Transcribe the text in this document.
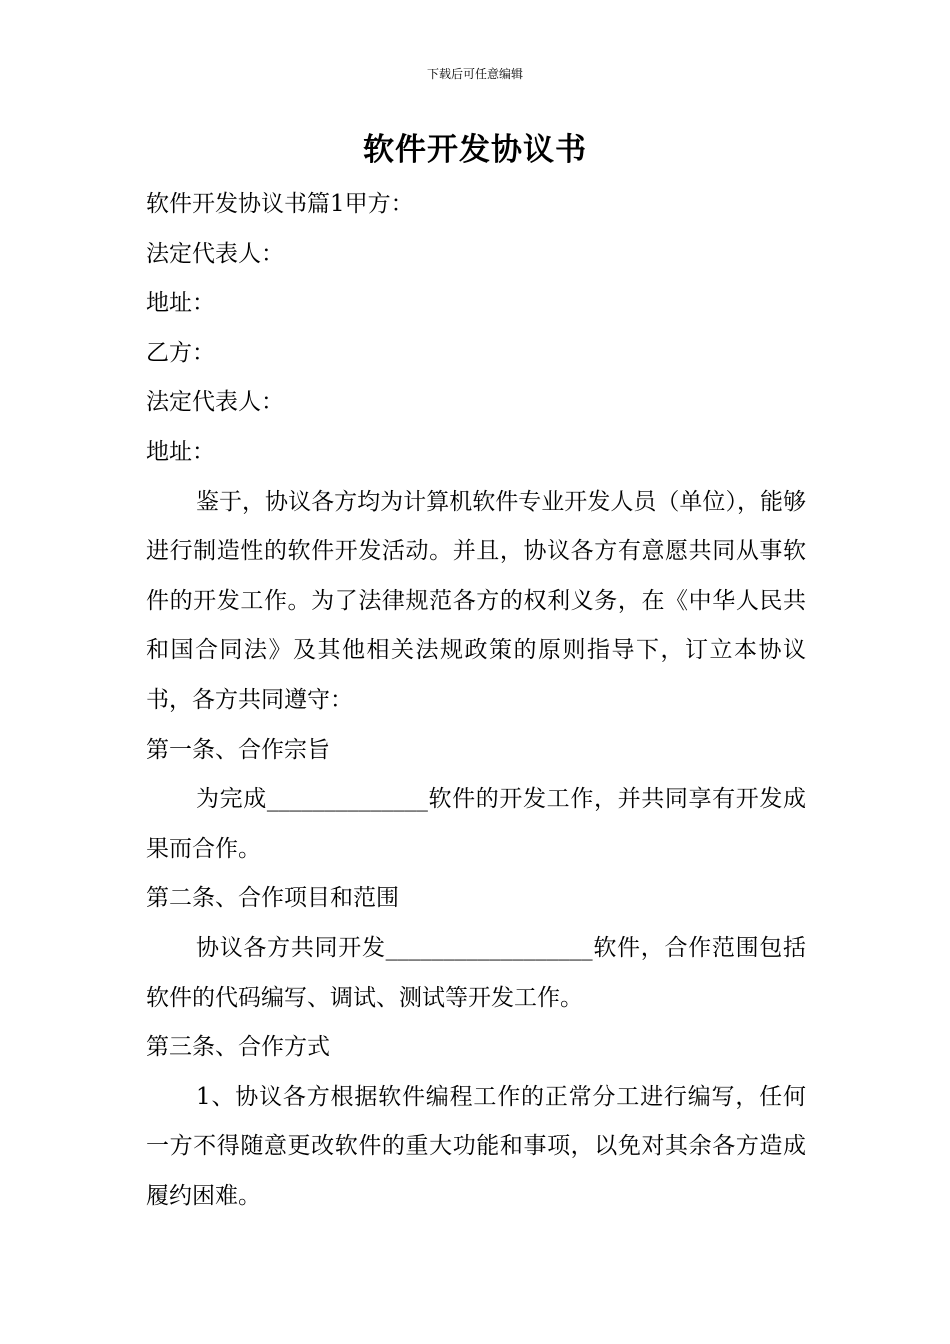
下载后可任意编辑
软件开发协议书

软件开发协议书篇1甲方：

法定代表人：

地址：

乙方：

法定代表人：

地址：

鉴于，协议各方均为计算机软件专业开发人员（单位），能够进行制造性的软件开发活动。并且，协议各方有意愿共同从事软件的开发工作。为了法律规范各方的权利义务，在《中华人民共和国合同法》及其他相关法规政策的原则指导下，订立本协议书，各方共同遵守：

第一条、合作宗旨

为完成______________软件的开发工作，并共同享有开发成果而合作。

第二条、合作项目和范围

协议各方共同开发__________________软件，合作范围包括软件的代码编写、调试、测试等开发工作。

第三条、合作方式

1、协议各方根据软件编程工作的正常分工进行编写，任何一方不得随意更改软件的重大功能和事项，以免对其余各方造成履约困难。
